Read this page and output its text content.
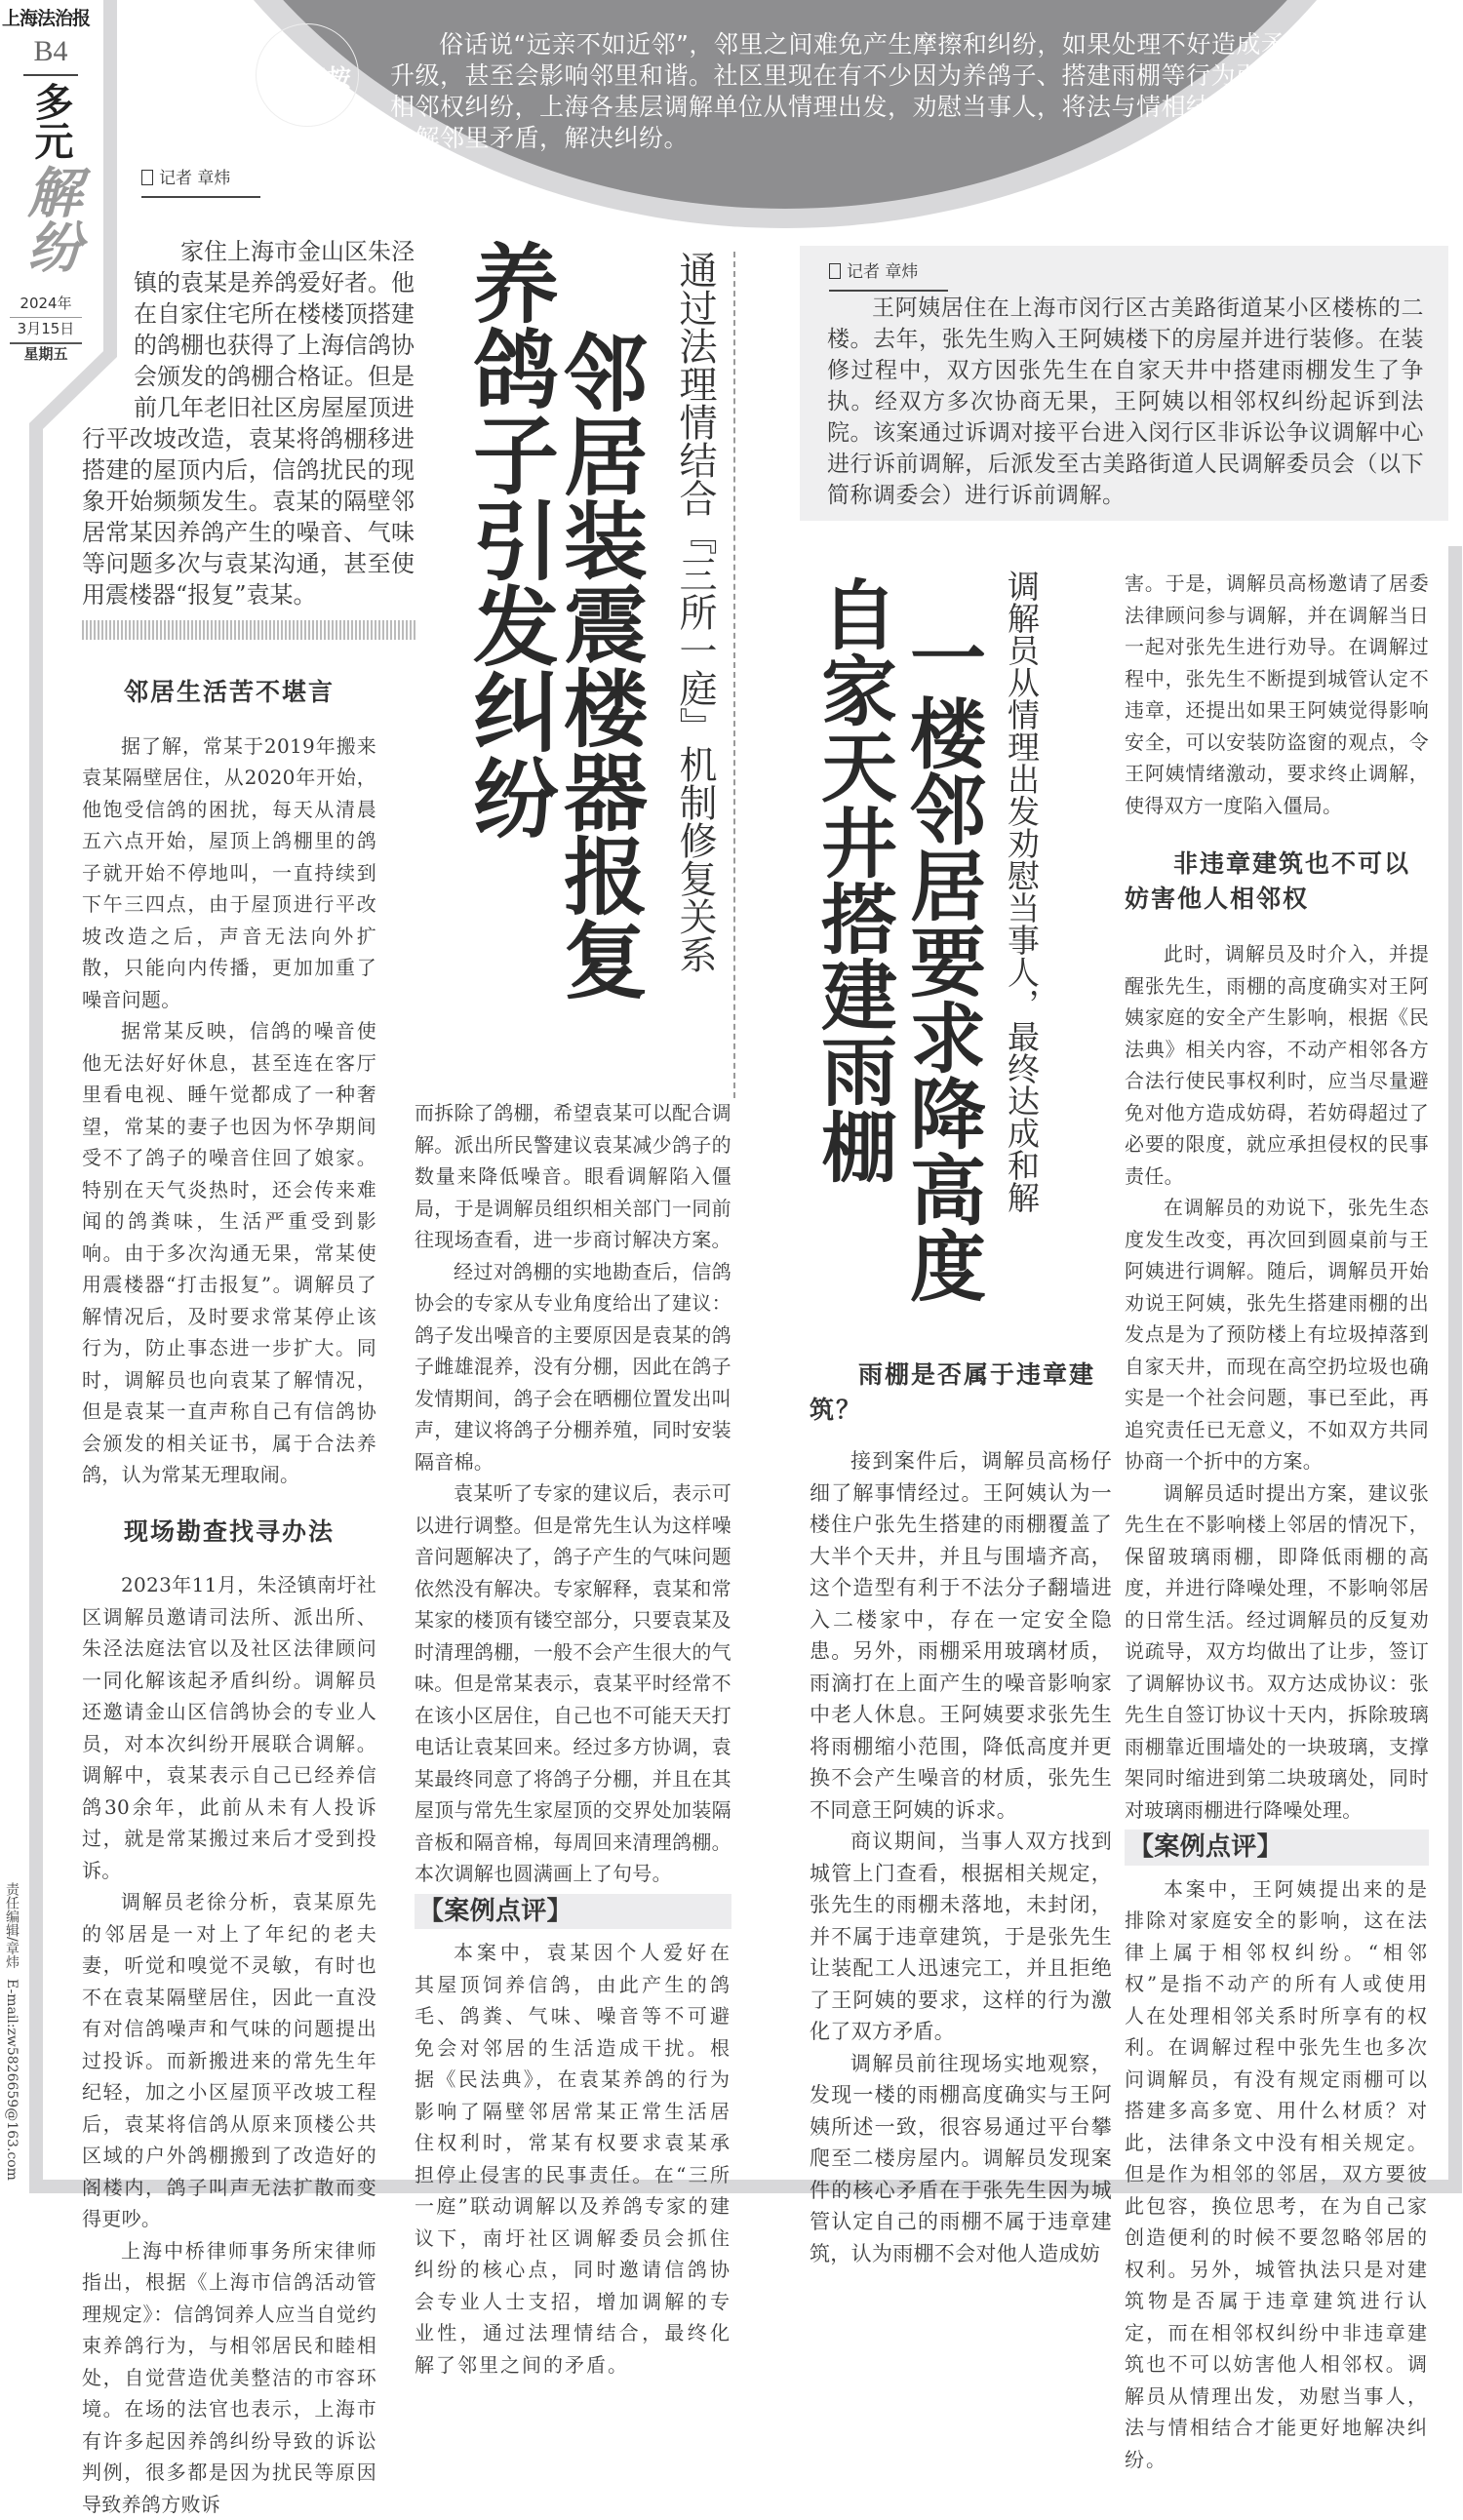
上海法治报
B4
多元
解纷
2024年
3月15日
星期五
责任编辑/章炜 E-mail:zw5826659@163.com
编|者|按
俗话说“远亲不如近邻”，邻里之间难免产生摩擦和纠纷，如果处理不好造成矛盾升级，甚至会影响邻里和谐。社区里现在有不少因为养鸽子、搭建雨棚等行为引发的相邻权纠纷，上海各基层调解单位从情理出发，劝慰当事人，将法与情相结合，妥善化解邻里矛盾，解决纠纷。
记者 章炜

家住上海市金山区朱泾镇的袁某是养鸽爱好者。他在自家住宅所在楼楼顶搭建的鸽棚也获得了上海信鸽协会颁发的鸽棚合格证。但是前几年老旧社区房屋屋顶进行平改坡改造，袁某将鸽棚移进搭建的屋顶内后，信鸽扰民的现象开始频频发生。袁某的隔壁邻居常某因养鸽产生的噪音、气味等问题多次与袁某沟通，甚至使用震楼器“报复”袁某。	养鸽子引发纠纷
邻居装震楼器报复 通过法理情结合『三所一庭』机制修复关系
邻居生活苦不堪言

据了解，常某于2019年搬来袁某隔壁居住，从2020年开始，他饱受信鸽的困扰，每天从清晨五六点开始，屋顶上鸽棚里的鸽子就开始不停地叫，一直持续到下午三四点，由于屋顶进行平改坡改造之后，声音无法向外扩散，只能向内传播，更加加重了噪音问题。

据常某反映，信鸽的噪音使他无法好好休息，甚至连在客厅里看电视、睡午觉都成了一种奢望，常某的妻子也因为怀孕期间受不了鸽子的噪音住回了娘家。特别在天气炎热时，还会传来难闻的鸽粪味，生活严重受到影响。由于多次沟通无果，常某使用震楼器“打击报复”。调解员了解情况后，及时要求常某停止该行为，防止事态进一步扩大。同时，调解员也向袁某了解情况，但是袁某一直声称自己有信鸽协会颁发的相关证书，属于合法养鸽，认为常某无理取闹。

现场勘查找寻办法

2023年11月，朱泾镇南圩社区调解员邀请司法所、派出所、朱泾法庭法官以及社区法律顾问一同化解该起矛盾纠纷。调解员还邀请金山区信鸽协会的专业人员，对本次纠纷开展联合调解。调解中，袁某表示自己已经养信鸽30余年，此前从未有人投诉过，就是常某搬过来后才受到投诉。

调解员老徐分析，袁某原先的邻居是一对上了年纪的老夫妻，听觉和嗅觉不灵敏，有时也不在袁某隔壁居住，因此一直没有对信鸽噪声和气味的问题提出过投诉。而新搬进来的常先生年纪轻，加之小区屋顶平改坡工程后，袁某将信鸽从原来顶楼公共区域的户外鸽棚搬到了改造好的阁楼内，鸽子叫声无法扩散而变得更吵。

上海中桥律师事务所宋律师指出，根据《上海市信鸽活动管理规定》：信鸽饲养人应当自觉约束养鸽行为，与相邻居民和睦相处，自觉营造优美整洁的市容环境。在场的法官也表示，上海市有许多起因养鸽纠纷导致的诉讼判例，很多都是因为扰民等原因导致养鸽方败诉

而拆除了鸽棚，希望袁某可以配合调解。派出所民警建议袁某减少鸽子的数量来降低噪音。眼看调解陷入僵局，于是调解员组织相关部门一同前往现场查看，进一步商讨解决方案。

经过对鸽棚的实地勘查后，信鸽协会的专家从专业角度给出了建议：鸽子发出噪音的主要原因是袁某的鸽子雌雄混养，没有分棚，因此在鸽子发情期间，鸽子会在晒棚位置发出叫声，建议将鸽子分棚养殖，同时安装隔音棉。

袁某听了专家的建议后，表示可以进行调整。但是常先生认为这样噪音问题解决了，鸽子产生的气味问题依然没有解决。专家解释，袁某和常某家的楼顶有镂空部分，只要袁某及时清理鸽棚，一般不会产生很大的气味。但是常某表示，袁某平时经常不在该小区居住，自己也不可能天天打电话让袁某回来。经过多方协调，袁某最终同意了将鸽子分棚，并且在其屋顶与常先生家屋顶的交界处加装隔音板和隔音棉，每周回来清理鸽棚。本次调解也圆满画上了句号。

【案例点评】

本案中，袁某因个人爱好在其屋顶饲养信鸽，由此产生的鸽毛、鸽粪、气味、噪音等不可避免会对邻居的生活造成干扰。根据《民法典》，在袁某养鸽的行为影响了隔壁邻居常某正常生活居住权利时，常某有权要求袁某承担停止侵害的民事责任。在“三所一庭”联动调解以及养鸽专家的建议下，南圩社区调解委员会抓住纠纷的核心点，同时邀请信鸽协会专业人士支招，增加调解的专业性，通过法理情结合，最终化解了邻里之间的矛盾。

记者 章炜
王阿姨居住在上海市闵行区古美路街道某小区楼栋的二楼。去年，张先生购入王阿姨楼下的房屋并进行装修。在装修过程中，双方因张先生在自家天井中搭建雨棚发生了争执。经双方多次协商无果，王阿姨以相邻权纠纷起诉到法院。该案通过诉调对接平台进入闵行区非诉讼争议调解中心进行诉前调解，后派发至古美路街道人民调解委员会（以下简称调委会）进行诉前调解。
自家天井搭建雨棚 一楼邻居要求降高度 调解员从情理出发劝慰当事人，最终达成和解
雨棚是否属于违章建筑？

接到案件后，调解员高杨仔细了解事情经过。王阿姨认为一楼住户张先生搭建的雨棚覆盖了大半个天井，并且与围墙齐高，这个造型有利于不法分子翻墙进入二楼家中，存在一定安全隐患。另外，雨棚采用玻璃材质，雨滴打在上面产生的噪音影响家中老人休息。王阿姨要求张先生将雨棚缩小范围，降低高度并更换不会产生噪音的材质，张先生不同意王阿姨的诉求。

商议期间，当事人双方找到城管上门查看，根据相关规定，张先生的雨棚未落地，未封闭，并不属于违章建筑，于是张先生让装配工人迅速完工，并且拒绝了王阿姨的要求，这样的行为激化了双方矛盾。

调解员前往现场实地观察，发现一楼的雨棚高度确实与王阿姨所述一致，很容易通过平台攀爬至二楼房屋内。调解员发现案件的核心矛盾在于张先生因为城管认定自己的雨棚不属于违章建筑，认为雨棚不会对他人造成妨

害。于是，调解员高杨邀请了居委法律顾问参与调解，并在调解当日一起对张先生进行劝导。在调解过程中，张先生不断提到城管认定不违章，还提出如果王阿姨觉得影响安全，可以安装防盗窗的观点，令王阿姨情绪激动，要求终止调解，使得双方一度陷入僵局。

非违章建筑也不可以妨害他人相邻权

此时，调解员及时介入，并提醒张先生，雨棚的高度确实对王阿姨家庭的安全产生影响，根据《民法典》相关内容，不动产相邻各方合法行使民事权利时，应当尽量避免对他方造成妨碍，若妨碍超过了必要的限度，就应承担侵权的民事责任。

在调解员的劝说下，张先生态度发生改变，再次回到圆桌前与王阿姨进行调解。随后，调解员开始劝说王阿姨，张先生搭建雨棚的出发点是为了预防楼上有垃圾掉落到自家天井，而现在高空扔垃圾也确实是一个社会问题，事已至此，再追究责任已无意义，不如双方共同协商一个折中的方案。

调解员适时提出方案，建议张先生在不影响楼上邻居的情况下，保留玻璃雨棚，即降低雨棚的高度，并进行降噪处理，不影响邻居的日常生活。经过调解员的反复劝说疏导，双方均做出了让步，签订了调解协议书。双方达成协议：张先生自签订协议十天内，拆除玻璃雨棚靠近围墙处的一块玻璃，支撑架同时缩进到第二块玻璃处，同时对玻璃雨棚进行降噪处理。

【案例点评】

本案中，王阿姨提出来的是排除对家庭安全的影响，这在法律上属于相邻权纠纷。“相邻权”是指不动产的所有人或使用人在处理相邻关系时所享有的权利。在调解过程中张先生也多次问调解员，有没有规定雨棚可以搭建多高多宽、用什么材质？对此，法律条文中没有相关规定。但是作为相邻的邻居，双方要彼此包容，换位思考，在为自己家创造便利的时候不要忽略邻居的权利。另外，城管执法只是对建筑物是否属于违章建筑进行认定，而在相邻权纠纷中非违章建筑也不可以妨害他人相邻权。调解员从情理出发，劝慰当事人，法与情相结合才能更好地解决纠纷。
